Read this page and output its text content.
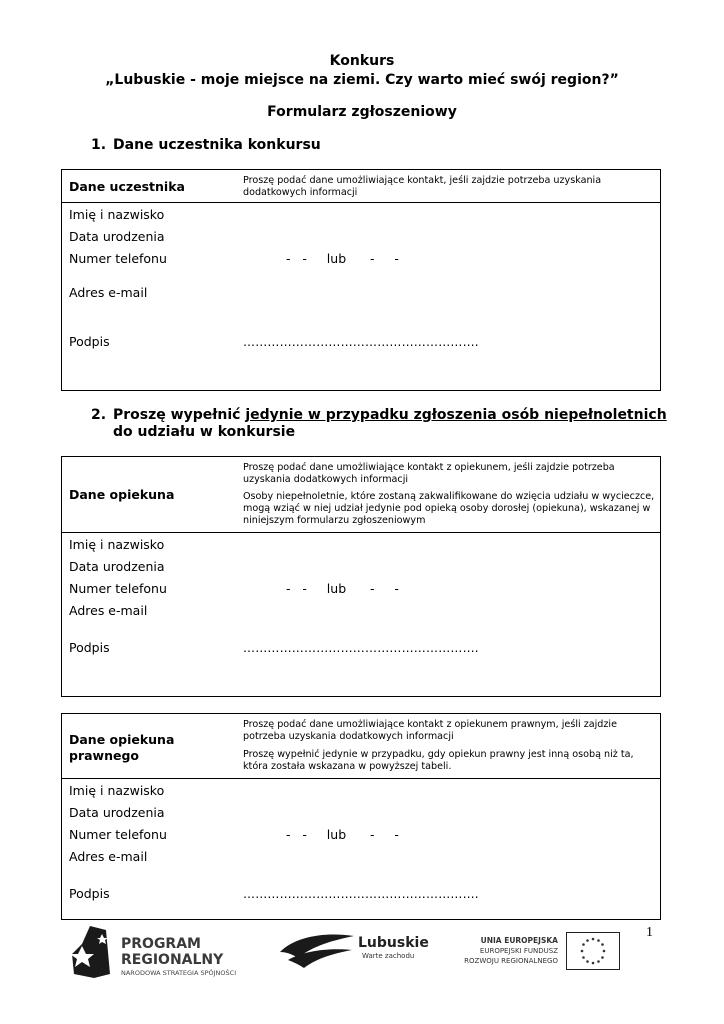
Konkurs
„Lubuskie - moje miejsce na ziemi. Czy warto mieć swój region?”
Formularz zgłoszeniowy
1. Dane uczestnika konkursu
Dane uczestnika	Proszę podać dane umożliwiające kontakt, jeśli zajdzie potrzeba uzyskania dodatkowych informacji
Imię i nazwisko
Data urodzenia
Numer telefonu	-   -     lub      -     -
Adres e-mail
Podpis	………………………………………………….
2. Proszę wypełnić jedynie w przypadku zgłoszenia osób niepełnoletnich
do udziału w konkursie
Dane opiekuna
Proszę podać dane umożliwiające kontakt z opiekunem, jeśli zajdzie potrzeba uzyskania dodatkowych informacji
Osoby niepełnoletnie, które zostaną zakwalifikowane do wzięcia udziału w wycieczce, mogą wziąć w niej udział jedynie pod opieką osoby dorosłej (opiekuna), wskazanej w niniejszym formularzu zgłoszeniowym
Imię i nazwisko
Data urodzenia
Numer telefonu	-   -     lub      -     -
Adres e-mail
Podpis	………………………………………………….
Dane opiekuna
prawnego
Proszę podać dane umożliwiające kontakt z opiekunem prawnym, jeśli zajdzie potrzeba uzyskania dodatkowych informacji
Proszę wypełnić jedynie w przypadku, gdy opiekun prawny jest inną osobą niż ta, która została wskazana w powyższej tabeli.
Imię i nazwisko
Data urodzenia
Numer telefonu	-   -     lub      -     -
Adres e-mail
Podpis	………………………………………………….
1
PROGRAM
REGIONALNY
NARODOWA STRATEGIA SPÓJNOŚCI
Lubuskie
Warte zachodu
UNIA EUROPEJSKA
EUROPEJSKI FUNDUSZ
ROZWOJU REGIONALNEGO
